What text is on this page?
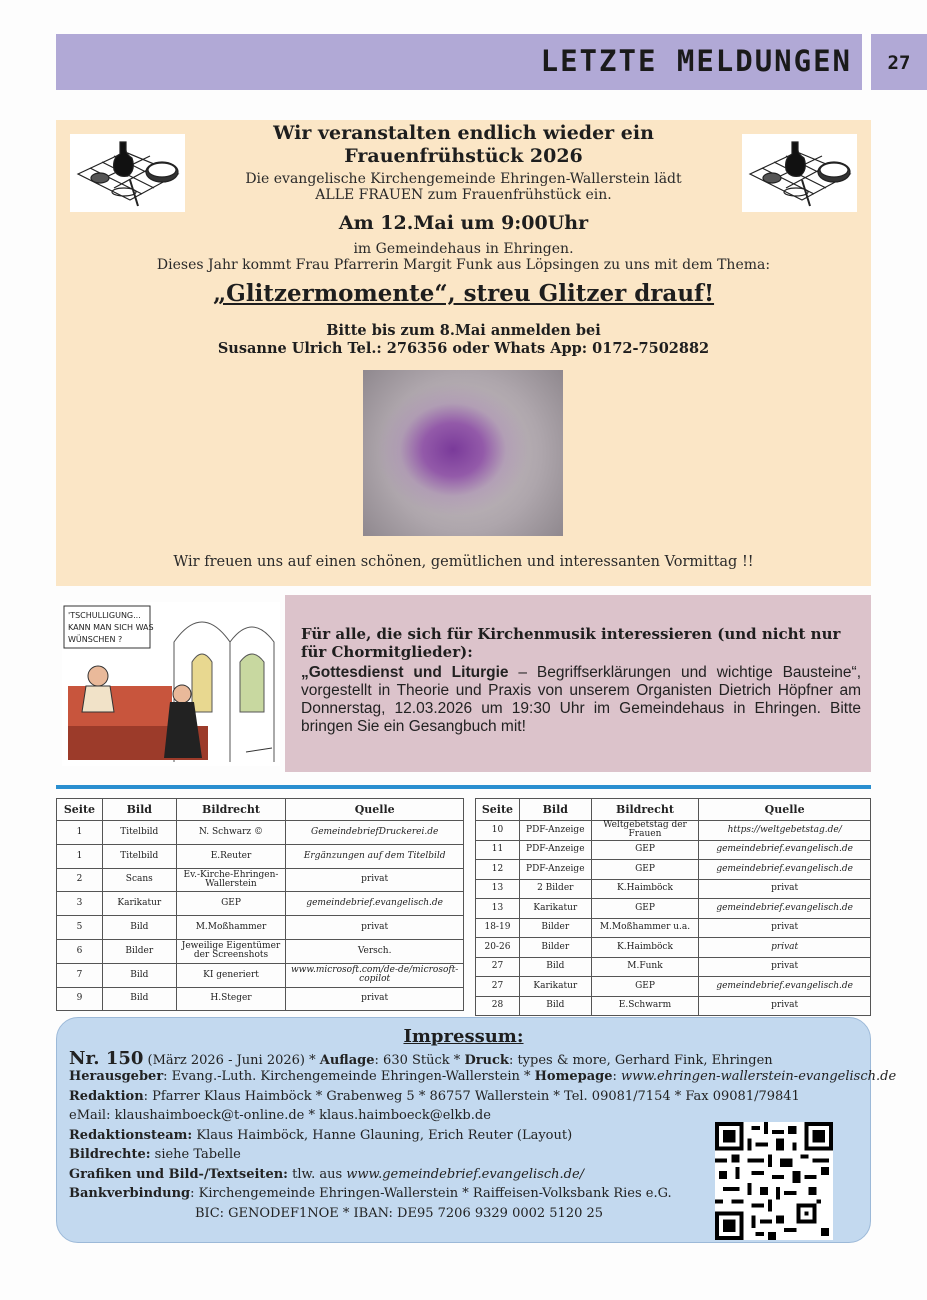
LETZTE MELDUNGEN	27
Wir veranstalten endlich wieder ein
Frauenfrühstück 2026
Die evangelische Kirchengemeinde Ehringen-Wallerstein lädt
ALLE FRAUEN zum Frauenfrühstück ein.
Am 12.Mai um 9:00Uhr
im Gemeindehaus in Ehringen.
Dieses Jahr kommt Frau Pfarrerin Margit Funk aus Löpsingen zu uns mit dem Thema:
„Glitzermomente“, streu Glitzer drauf!
Bitte bis zum 8.Mai anmelden bei
Susanne Ulrich Tel.: 276356 oder Whats App: 0172-7502882
Wir freuen uns auf einen schönen, gemütlichen und interessanten Vormittag !!
'TSCHULLIGUNG...
KANN MAN SICH WAS
WÜNSCHEN ?	Für alle, die sich für Kirchenmusik interessieren (und nicht nur für Chormitglieder):
„Gottesdienst und Liturgie – Begriffserklärungen und wichtige Bausteine“, vorgestellt in Theorie und Praxis von unserem Organisten Dietrich Höpfner am Donnerstag, 12.03.2026 um 19:30 Uhr im Gemeindehaus in Ehringen. Bitte bringen Sie ein Gesangbuch mit!
Seite	Bild	Bildrecht	Quelle
1	Titelbild	N. Schwarz ©	GemeindebriefDruckerei.de
1	Titelbild	E.Reuter	Ergänzungen auf dem Titelbild
2	Scans	Ev.-Kirche-Ehringen-Wallerstein	privat
3	Karikatur	GEP	gemeindebrief.evangelisch.de
5	Bild	M.Moßhammer	privat
6	Bilder	Jeweilige Eigentümer der Screenshots	Versch.
7	Bild	KI generiert	www.microsoft.com/de-de/microsoft-copilot
9	Bild	H.Steger	privat
Seite	Bild	Bildrecht	Quelle
10	PDF-Anzeige	Weltgebetstag der Frauen	https://weltgebetstag.de/
11	PDF-Anzeige	GEP	gemeindebrief.evangelisch.de
12	PDF-Anzeige	GEP	gemeindebrief.evangelisch.de
13	2 Bilder	K.Haimböck	privat
13	Karikatur	GEP	gemeindebrief.evangelisch.de
18-19	Bilder	M.Moßhammer u.a.	privat
20-26	Bilder	K.Haimböck	privat
27	Bild	M.Funk	privat
27	Karikatur	GEP	gemeindebrief.evangelisch.de
28	Bild	E.Schwarm	privat
Impressum:
Nr. 150 (März 2026 - Juni 2026) * Auflage: 630 Stück * Druck: types & more, Gerhard Fink, Ehringen
Herausgeber: Evang.-Luth. Kirchengemeinde Ehringen-Wallerstein * Homepage: www.ehringen-wallerstein-evangelisch.de
Redaktion: Pfarrer Klaus Haimböck * Grabenweg 5 * 86757 Wallerstein * Tel. 09081/7154 * Fax 09081/79841
eMail: klaushaimboeck@t-online.de * klaus.haimboeck@elkb.de
Redaktionsteam: Klaus Haimböck, Hanne Glauning, Erich Reuter (Layout)
Bildrechte: siehe Tabelle
Grafiken und Bild-/Textseiten: tlw. aus www.gemeindebrief.evangelisch.de/
Bankverbindung: Kirchengemeinde Ehringen-Wallerstein * Raiffeisen-Volksbank Ries e.G.
BIC: GENODEF1NOE * IBAN: DE95 7206 9329 0002 5120 25
